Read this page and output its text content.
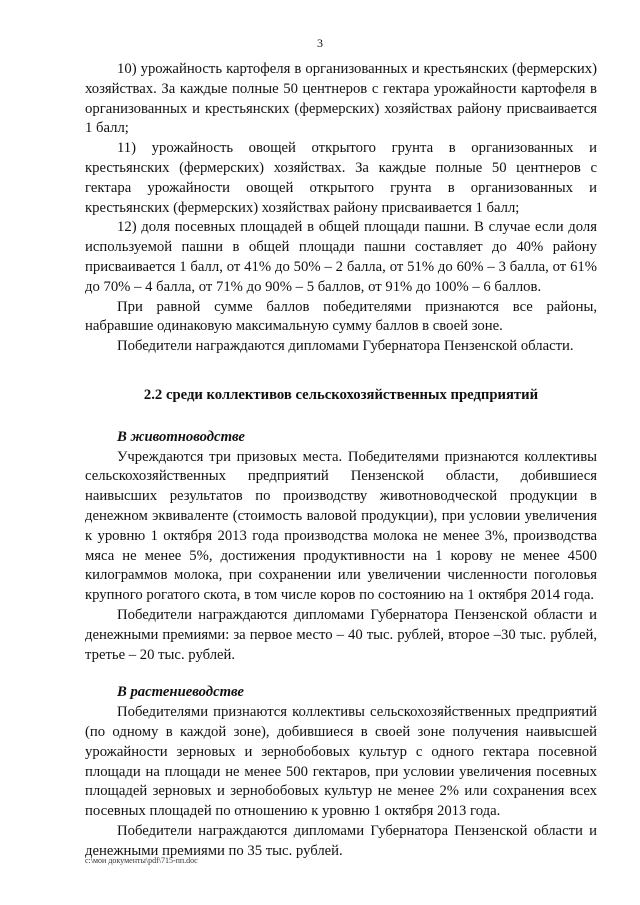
3

10) урожайность картофеля в организованных и крестьянских (фермерских) хозяйствах. За каждые полные 50 центнеров с гектара урожайности картофеля в организованных и крестьянских (фермерских) хозяйствах району присваивается 1 балл;

11) урожайность овощей открытого грунта в организованных и крестьянских (фермерских) хозяйствах. За каждые полные 50 центнеров с гектара урожайности овощей открытого грунта в организованных и крестьянских (фермерских) хозяйствах району присваивается 1 балл;

12) доля посевных площадей в общей площади пашни. В случае если доля используемой пашни в общей площади пашни составляет до 40% району присваивается 1 балл, от 41% до 50% – 2 балла, от 51% до 60% – 3 балла, от 61% до 70% – 4 балла, от 71% до 90% – 5 баллов, от 91% до 100% – 6 баллов.

При равной сумме баллов победителями признаются все районы, набравшие одинаковую максимальную сумму баллов в своей зоне.

Победители награждаются дипломами Губернатора Пензенской области.

2.2 среди коллективов сельскохозяйственных предприятий
В животноводстве

Учреждаются три призовых места. Победителями признаются коллективы сельскохозяйственных предприятий Пензенской области, добившиеся наивысших результатов по производству животноводческой продукции в денежном эквиваленте (стоимость валовой продукции), при условии увеличения к уровню 1 октября 2013 года производства молока не менее 3%, производства мяса не менее 5%, достижения продуктивности на 1 корову не менее 4500 килограммов молока, при сохранении или увеличении численности поголовья крупного рогатого скота, в том числе коров по состоянию на 1 октября 2014 года.

Победители награждаются дипломами Губернатора Пензенской области и денежными премиями: за первое место – 40 тыс. рублей, второе –30 тыс. рублей, третье – 20 тыс. рублей.

В растениеводстве

Победителями признаются коллективы сельскохозяйственных предприятий (по одному в каждой зоне), добившиеся в своей зоне получения наивысшей урожайности зерновых и зернобобовых культур с одного гектара посевной площади на площади не менее 500 гектаров, при условии увеличения посевных площадей зерновых и зернобобовых культур не менее 2% или сохранения всех посевных площадей по отношению к уровню 1 октября 2013 года.

Победители награждаются дипломами Губернатора Пензенской области и денежными премиями по 35 тыс. рублей.

c:\мои документы\pdf\715-пп.doc
